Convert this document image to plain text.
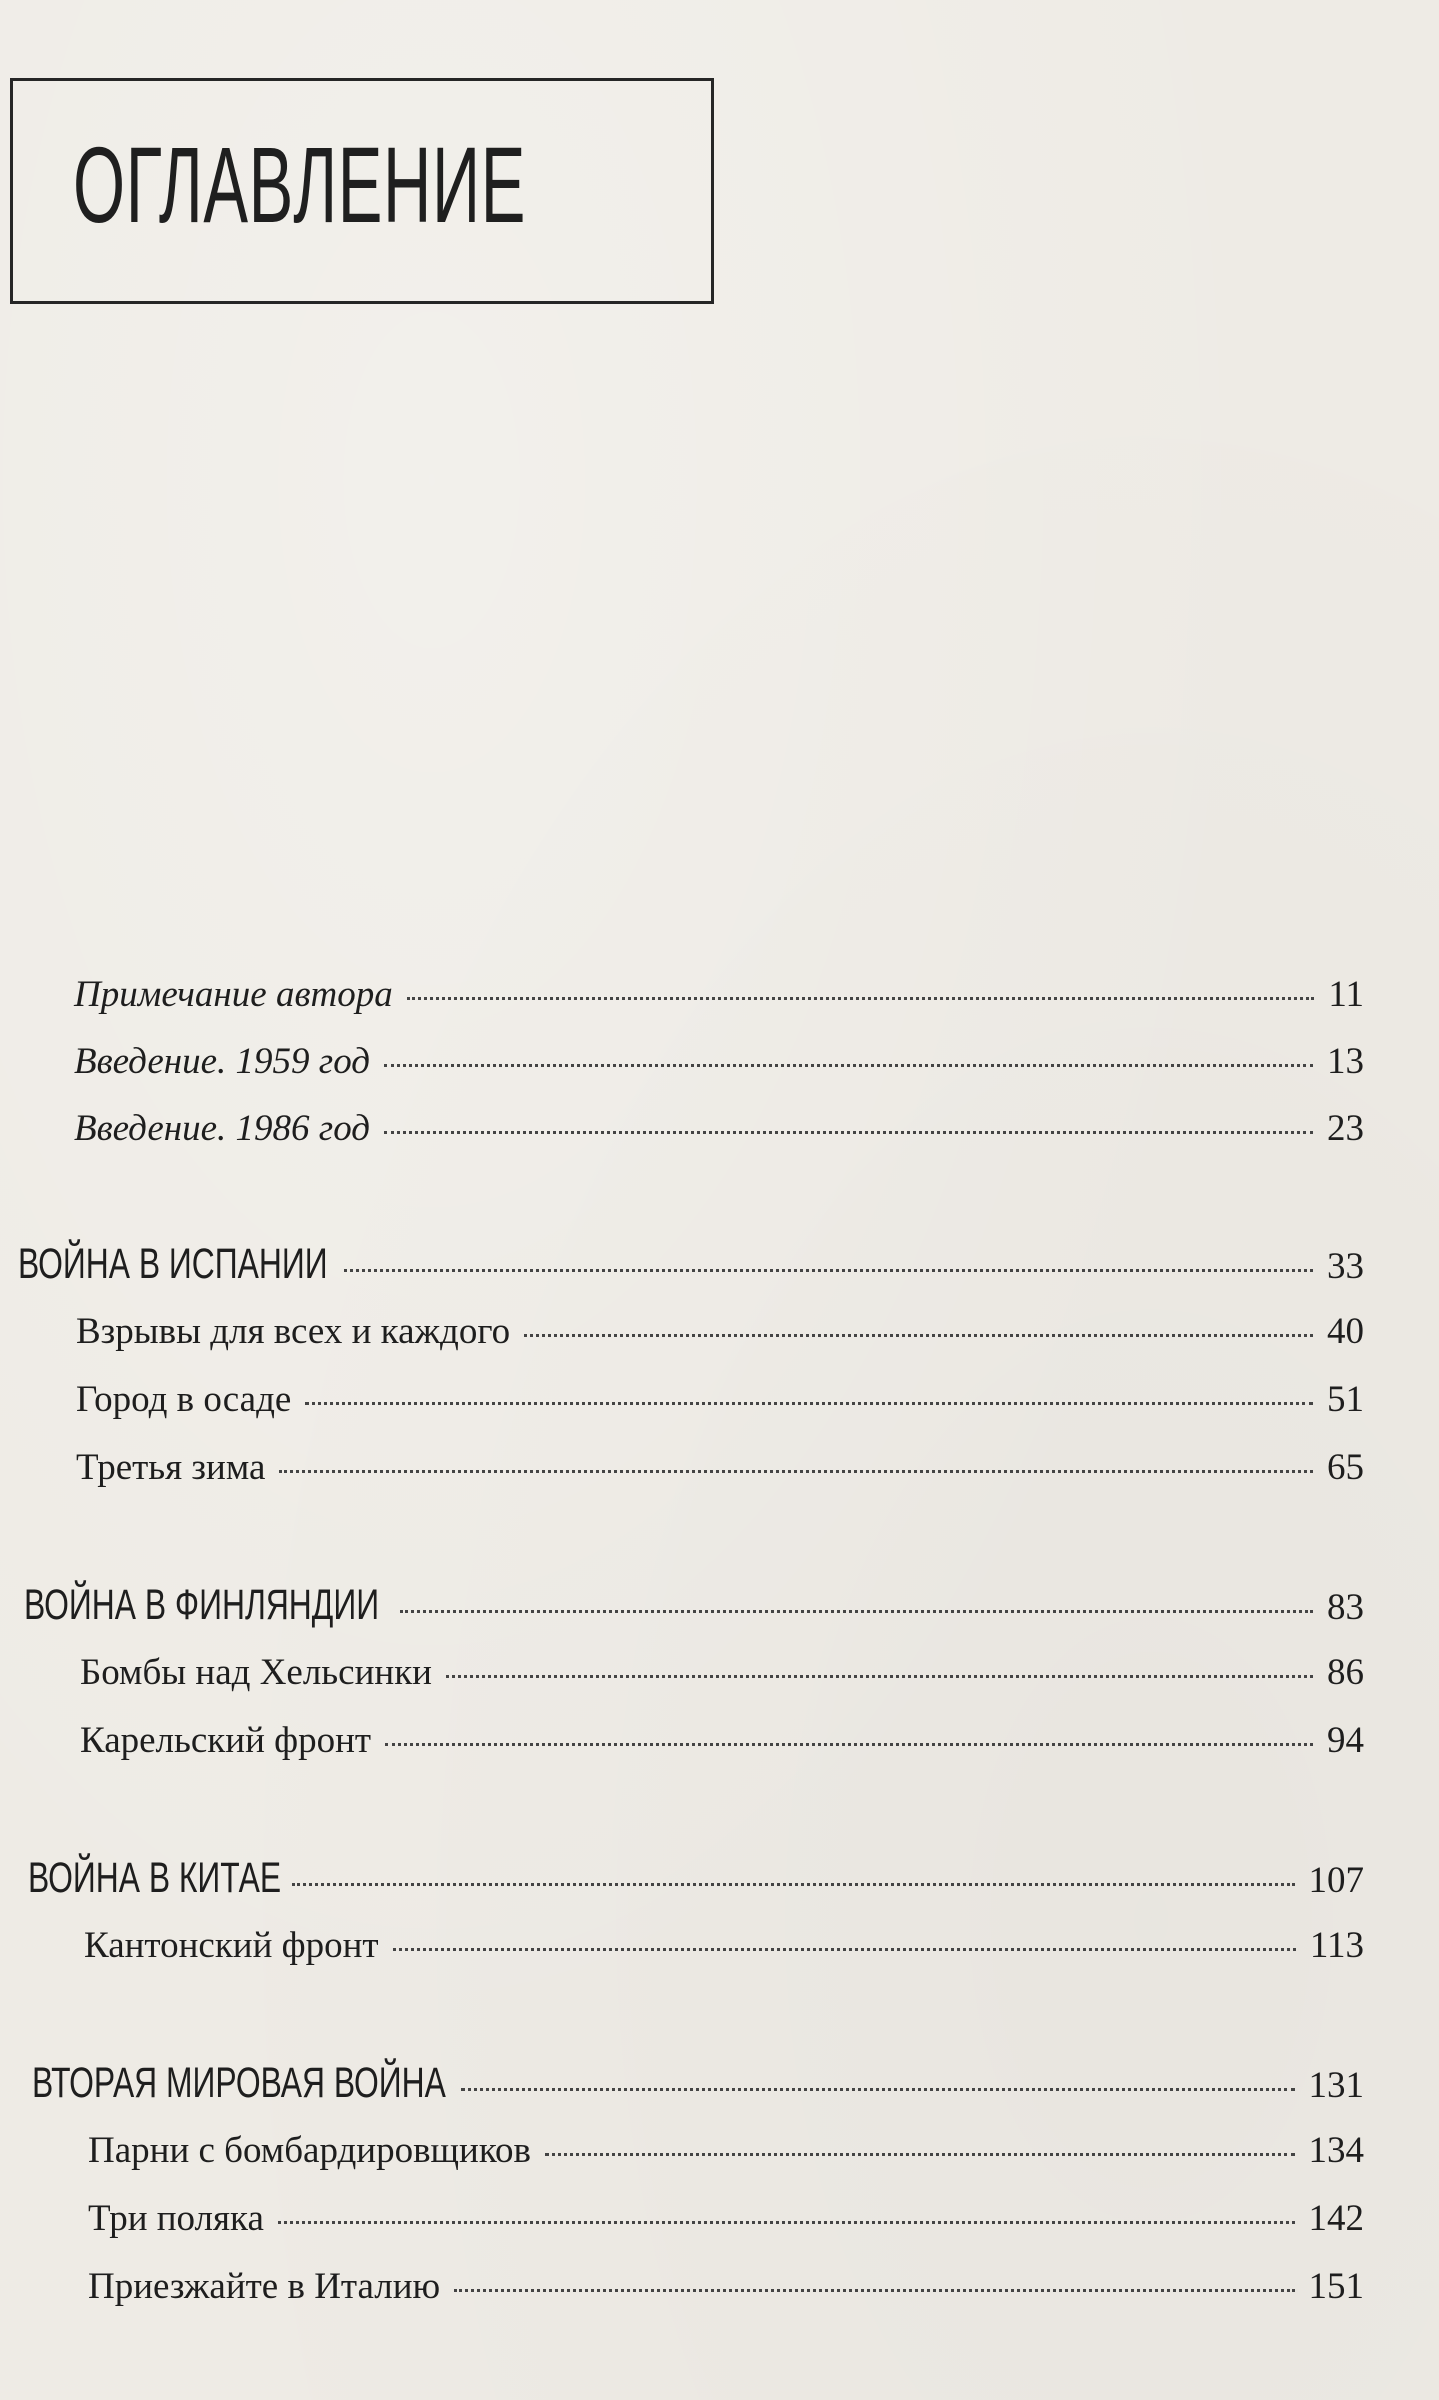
ОГЛАВЛЕНИЕ
Примечание автора	11
Введение. 1959 год	13
Введение. 1986 год	23
ВОЙНА В ИСПАНИИ	33
Взрывы для всех и каждого	40
Город в осаде	51
Третья зима	65
ВОЙНА В ФИНЛЯНДИИ	83
Бомбы над Хельсинки	86
Карельский фронт	94
ВОЙНА В КИТАЕ	107
Кантонский фронт	113
ВТОРАЯ МИРОВАЯ ВОЙНА	131
Парни с бомбардировщиков	134
Три поляка	142
Приезжайте в Италию	151
